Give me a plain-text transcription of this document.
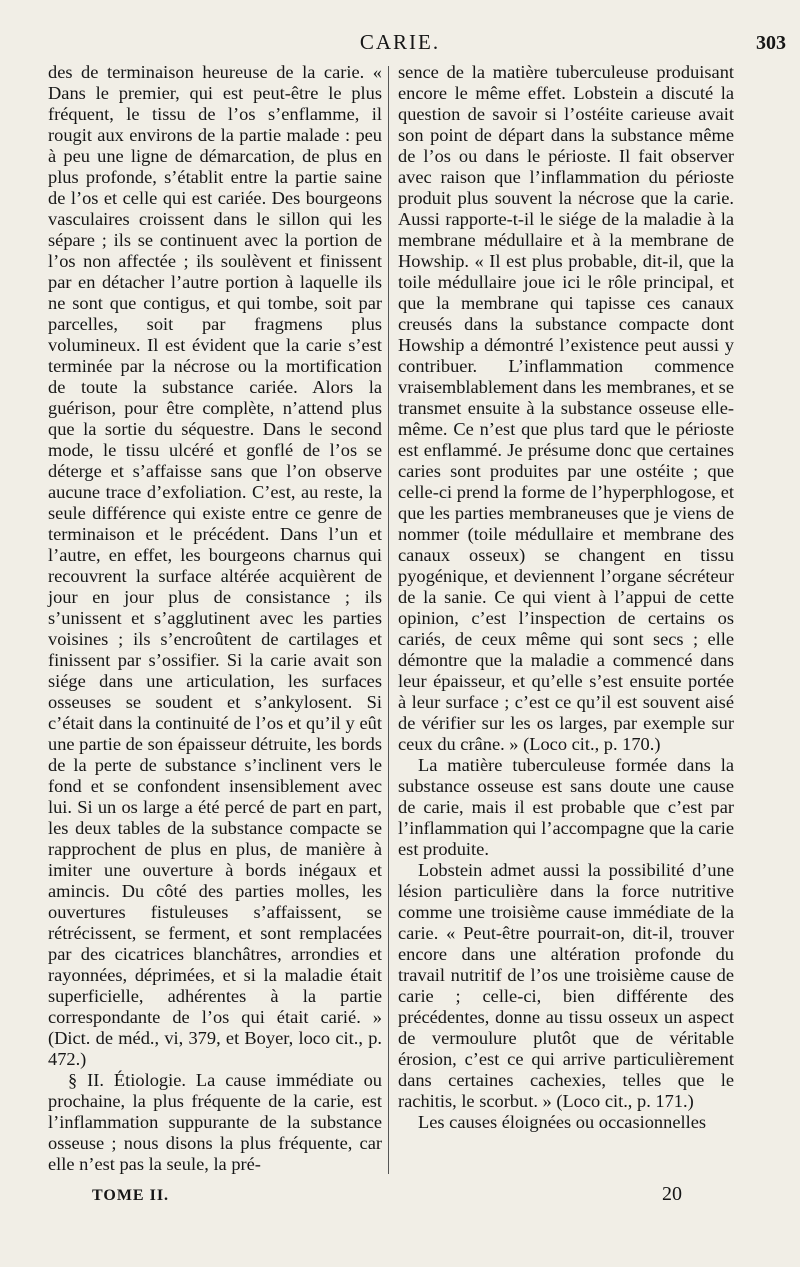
CARIE.	303

des de terminaison heureuse de la carie. « Dans le premier, qui est peut-être le plus fréquent, le tissu de l’os s’enflamme, il rougit aux environs de la partie malade : peu à peu une ligne de démarcation, de plus en plus profonde, s’établit entre la partie saine de l’os et celle qui est cariée. Des bourgeons vasculaires croissent dans le sillon qui les sépare ; ils se continuent avec la portion de l’os non affectée ; ils soulèvent et finissent par en détacher l’autre portion à laquelle ils ne sont que contigus, et qui tombe, soit par parcelles, soit par fragmens plus volumineux. Il est évident que la carie s’est terminée par la nécrose ou la mortification de toute la substance cariée. Alors la guérison, pour être complète, n’attend plus que la sortie du séquestre. Dans le second mode, le tissu ulcéré et gonflé de l’os se déterge et s’affaisse sans que l’on observe aucune trace d’exfoliation. C’est, au reste, la seule différence qui existe entre ce genre de terminaison et le précédent. Dans l’un et l’autre, en effet, les bourgeons charnus qui recouvrent la surface altérée acquièrent de jour en jour plus de consistance ; ils s’unissent et s’agglutinent avec les parties voisines ; ils s’encroûtent de cartilages et finissent par s’ossifier. Si la carie avait son siége dans une articulation, les surfaces osseuses se soudent et s’ankylosent. Si c’était dans la continuité de l’os et qu’il y eût une partie de son épaisseur détruite, les bords de la perte de substance s’inclinent vers le fond et se confondent insensiblement avec lui. Si un os large a été percé de part en part, les deux tables de la substance compacte se rapprochent de plus en plus, de manière à imiter une ouverture à bords inégaux et amincis. Du côté des parties molles, les ouvertures fistuleuses s’affaissent, se rétrécissent, se ferment, et sont remplacées par des cicatrices blanchâtres, arrondies et rayonnées, déprimées, et si la maladie était superficielle, adhérentes à la partie correspondante de l’os qui était carié. » (Dict. de méd., vi, 379, et Boyer, loco cit., p. 472.)

§ II. Étiologie. La cause immédiate ou prochaine, la plus fréquente de la carie, est l’inflammation suppurante de la substance osseuse ; nous disons la plus fréquente, car elle n’est pas la seule, la pré-

sence de la matière tuberculeuse produisant encore le même effet. Lobstein a discuté la question de savoir si l’ostéite carieuse avait son point de départ dans la substance même de l’os ou dans le périoste. Il fait observer avec raison que l’inflammation du périoste produit plus souvent la nécrose que la carie. Aussi rapporte-t-il le siége de la maladie à la membrane médullaire et à la membrane de Howship. « Il est plus probable, dit-il, que la toile médullaire joue ici le rôle principal, et que la membrane qui tapisse ces canaux creusés dans la substance compacte dont Howship a démontré l’existence peut aussi y contribuer. L’inflammation commence vraisemblablement dans les membranes, et se transmet ensuite à la substance osseuse elle-même. Ce n’est que plus tard que le périoste est enflammé. Je présume donc que certaines caries sont produites par une ostéite ; que celle-ci prend la forme de l’hyperphlogose, et que les parties membraneuses que je viens de nommer (toile médullaire et membrane des canaux osseux) se changent en tissu pyogénique, et deviennent l’organe sécréteur de la sanie. Ce qui vient à l’appui de cette opinion, c’est l’inspection de certains os cariés, de ceux même qui sont secs ; elle démontre que la maladie a commencé dans leur épaisseur, et qu’elle s’est ensuite portée à leur surface ; c’est ce qu’il est souvent aisé de vérifier sur les os larges, par exemple sur ceux du crâne. » (Loco cit., p. 170.)

La matière tuberculeuse formée dans la substance osseuse est sans doute une cause de carie, mais il est probable que c’est par l’inflammation qui l’accompagne que la carie est produite.

Lobstein admet aussi la possibilité d’une lésion particulière dans la force nutritive comme une troisième cause immédiate de la carie. « Peut-être pourrait-on, dit-il, trouver encore dans une altération profonde du travail nutritif de l’os une troisième cause de carie ; celle-ci, bien différente des précédentes, donne au tissu osseux un aspect de vermoulure plutôt que de véritable érosion, c’est ce qui arrive particulièrement dans certaines cachexies, telles que le rachitis, le scorbut. » (Loco cit., p. 171.)

Les causes éloignées ou occasionnelles

TOME II.	20
